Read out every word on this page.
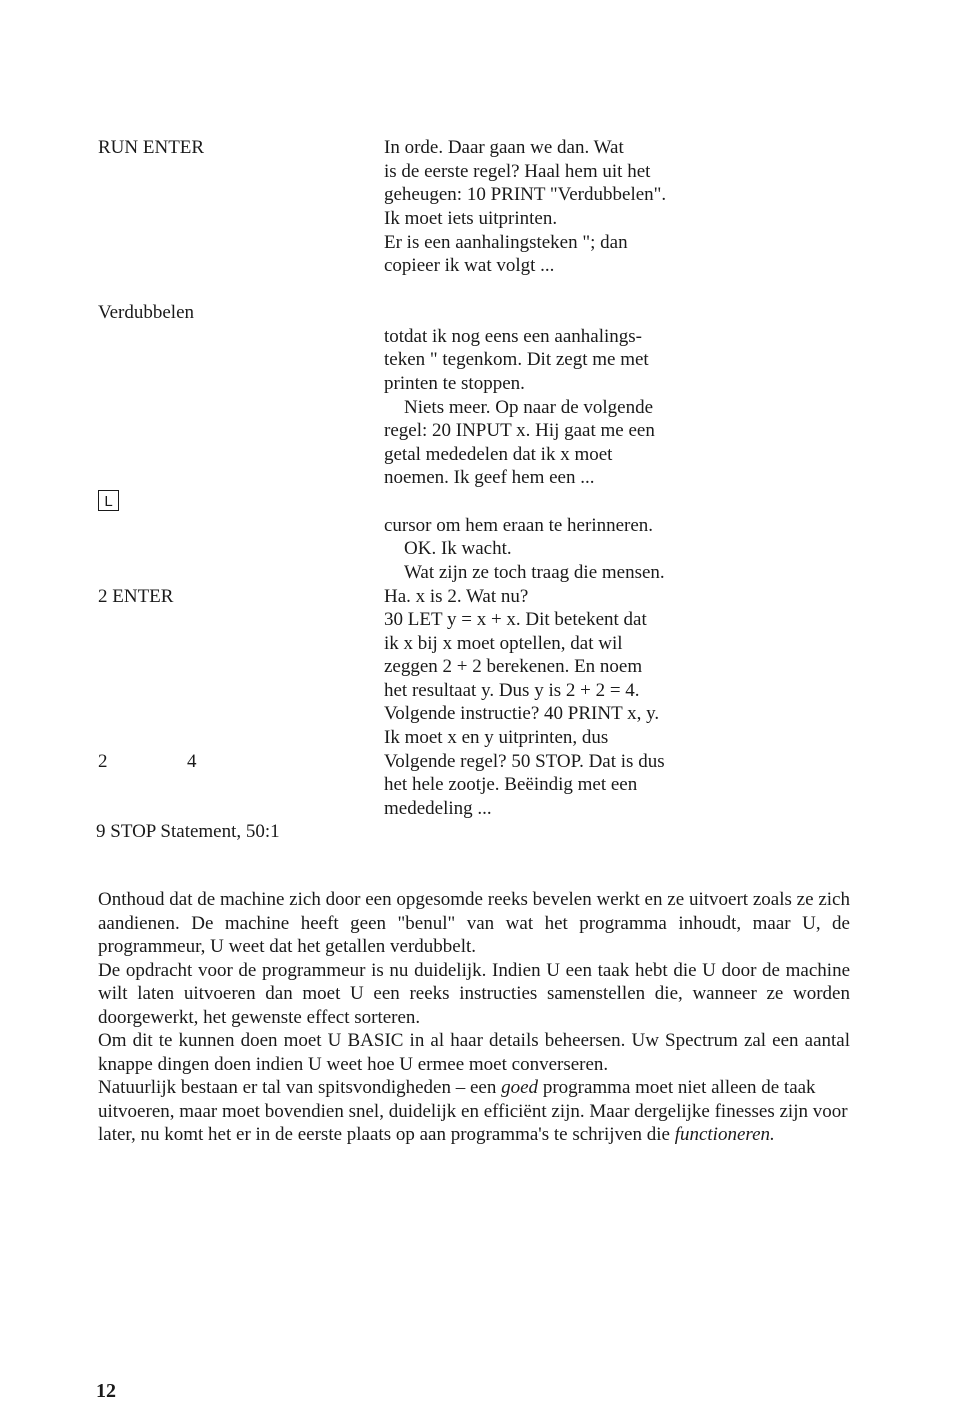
RUN ENTER
Verdubbelen
L
2 ENTER
2	4
9 STOP Statement, 50:1
In orde. Daar gaan we dan. Wat
is de eerste regel? Haal hem uit het
geheugen: 10 PRINT "Verdubbelen".
Ik moet iets uitprinten.
Er is een aanhalingsteken "; dan
copieer ik wat volgt ...
totdat ik nog eens een aanhalings-
teken " tegenkom. Dit zegt me met
printen te stoppen.
Niets meer. Op naar de volgende
regel: 20 INPUT x. Hij gaat me een
getal mededelen dat ik x moet
noemen. Ik geef hem een ...
cursor om hem eraan te herinneren.
OK. Ik wacht.
Wat zijn ze toch traag die mensen.
Ha. x is 2. Wat nu?
30 LET y = x + x. Dit betekent dat
ik x bij x moet optellen, dat wil
zeggen 2 + 2 berekenen. En noem
het resultaat y. Dus y is 2 + 2 = 4.
Volgende instructie? 40 PRINT x, y.
Ik moet x en y uitprinten, dus
Volgende regel? 50 STOP. Dat is dus
het hele zootje. Beëindig met een
mededeling ...

Onthoud dat de machine zich door een opgesomde reeks bevelen werkt en ze uitvoert zoals ze zich aandienen. De machine heeft geen "benul" van wat het programma inhoudt, maar U, de programmeur, U weet dat het getallen verdubbelt.

De opdracht voor de programmeur is nu duidelijk. Indien U een taak hebt die U door de machine wilt laten uitvoeren dan moet U een reeks instructies samenstellen die, wanneer ze worden doorgewerkt, het gewenste effect sorteren.

Om dit te kunnen doen moet U BASIC in al haar details beheersen. Uw Spectrum zal een aantal knappe dingen doen indien U weet hoe U ermee moet converseren.

Natuurlijk bestaan er tal van spitsvondigheden – een goed programma moet niet alleen de taak uitvoeren, maar moet bovendien snel, duidelijk en efficiënt zijn. Maar dergelijke finesses zijn voor later, nu komt het er in de eerste plaats op aan programma's te schrijven die functioneren.

12
